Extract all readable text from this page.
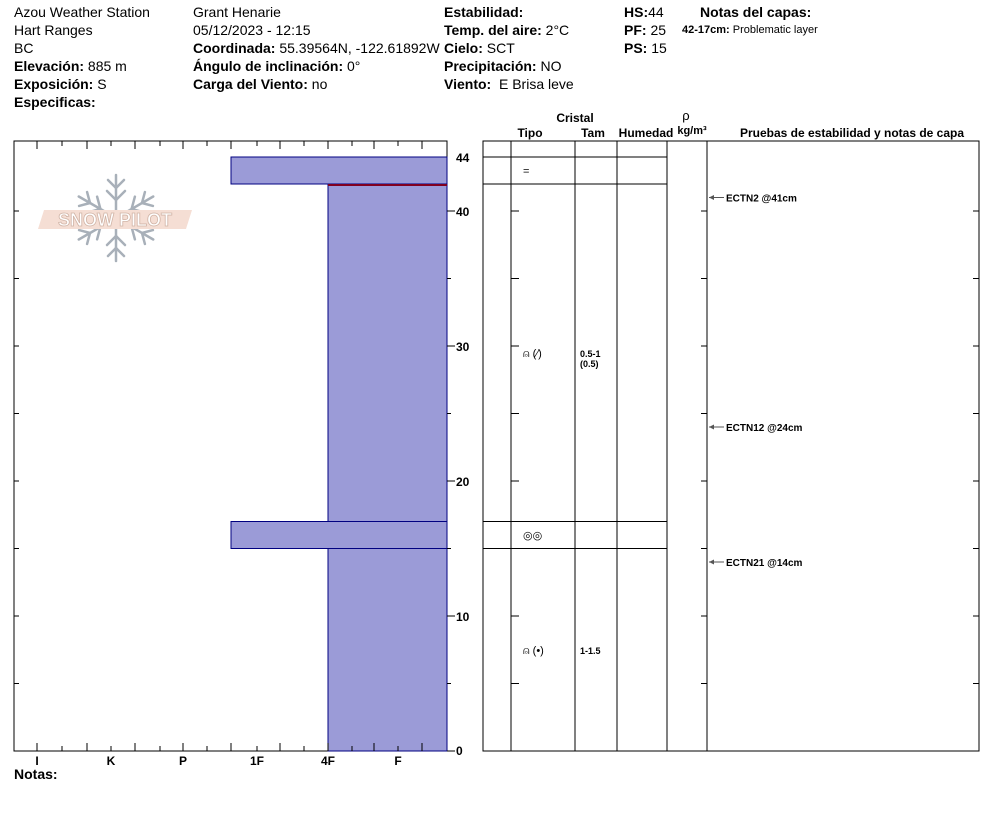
Azou Weather Station
Hart Ranges
BC
Elevación: 885 m
Exposición: S
Especificas:
Grant Henarie
05/12/2023 - 12:15
Coordinada: 55.39564N, -122.61892W
Ángulo de inclinación: 0°
Carga del Viento: no
Estabilidad:
Temp. del aire: 2°C
Cielo: SCT
Precipitación: NO
Viento: E Brisa leve
HS:44
PF: 25
PS: 15
Notas del capas:
42-17cm: Problematic layer
Notas:
SNOW PILOT
I	K	P	1F	4F	F
0
10
20
30
40
44
Cristal
Tipo	Tam Humedad
ρ
kg/m³	Pruebas de estabilidad y notas de capa
=
⍝ (⁄)	0.5-1
(0.5)
◎◎
⍝ (•)	1-1.5
ECTN2 @41cm
ECTN12 @24cm
ECTN21 @14cm
